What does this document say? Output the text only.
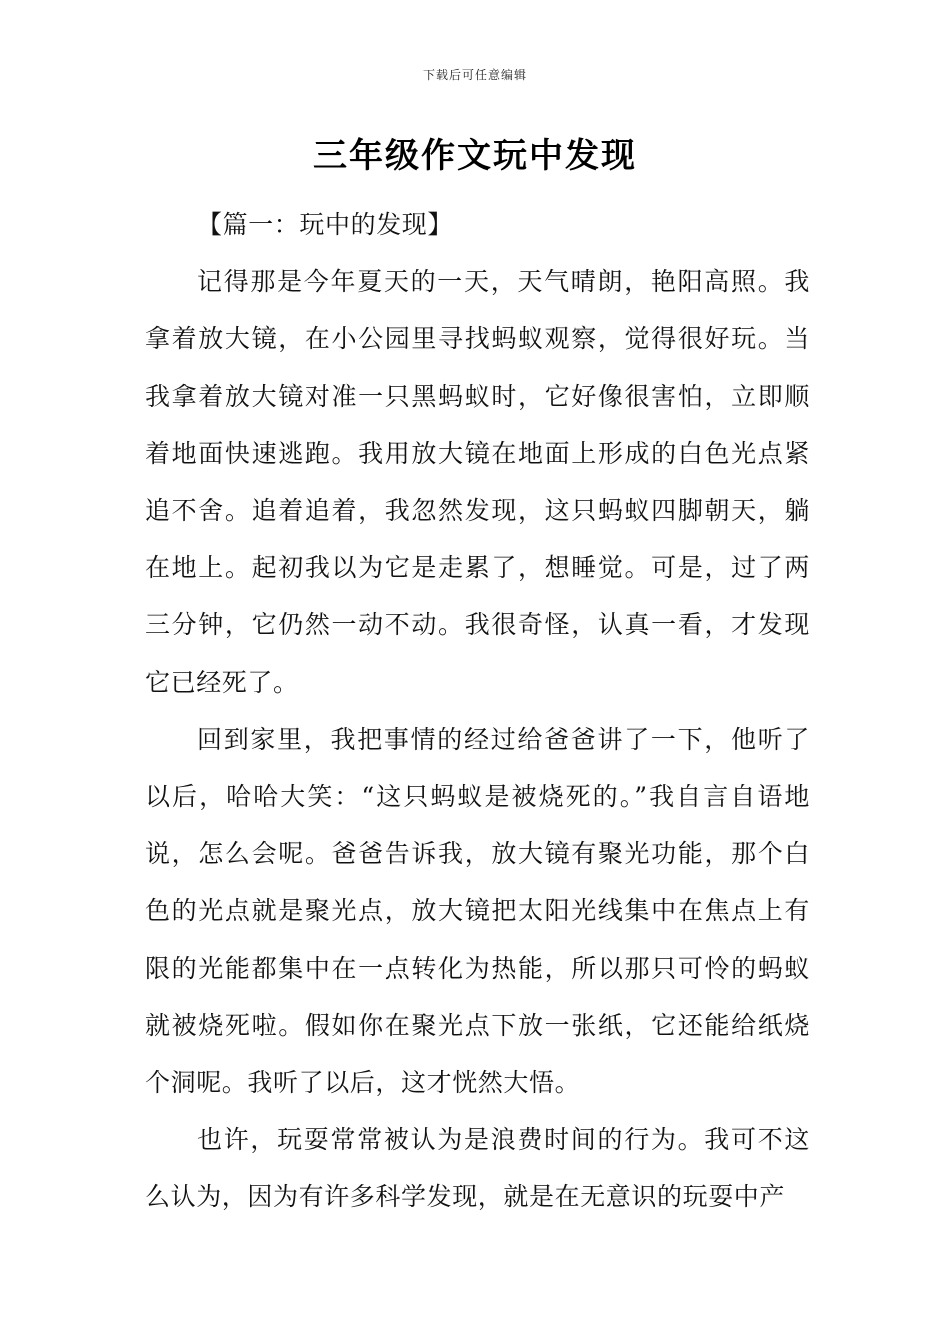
下载后可任意编辑
三年级作文玩中发现

【篇一：玩中的发现】

记得那是今年夏天的一天，天气晴朗，艳阳高照。我拿着放大镜，在小公园里寻找蚂蚁观察，觉得很好玩。当我拿着放大镜对准一只黑蚂蚁时，它好像很害怕，立即顺着地面快速逃跑。我用放大镜在地面上形成的白色光点紧追不舍。追着追着，我忽然发现，这只蚂蚁四脚朝天，躺在地上。起初我以为它是走累了，想睡觉。可是，过了两三分钟，它仍然一动不动。我很奇怪，认真一看，才发现它已经死了。

回到家里，我把事情的经过给爸爸讲了一下，他听了以后，哈哈大笑：“这只蚂蚁是被烧死的。”我自言自语地说，怎么会呢。爸爸告诉我，放大镜有聚光功能，那个白色的光点就是聚光点，放大镜把太阳光线集中在焦点上有限的光能都集中在一点转化为热能，所以那只可怜的蚂蚁就被烧死啦。假如你在聚光点下放一张纸，它还能给纸烧个洞呢。我听了以后，这才恍然大悟。

也许，玩耍常常被认为是浪费时间的行为。我可不这么认为，因为有许多科学发现，就是在无意识的玩耍中产
